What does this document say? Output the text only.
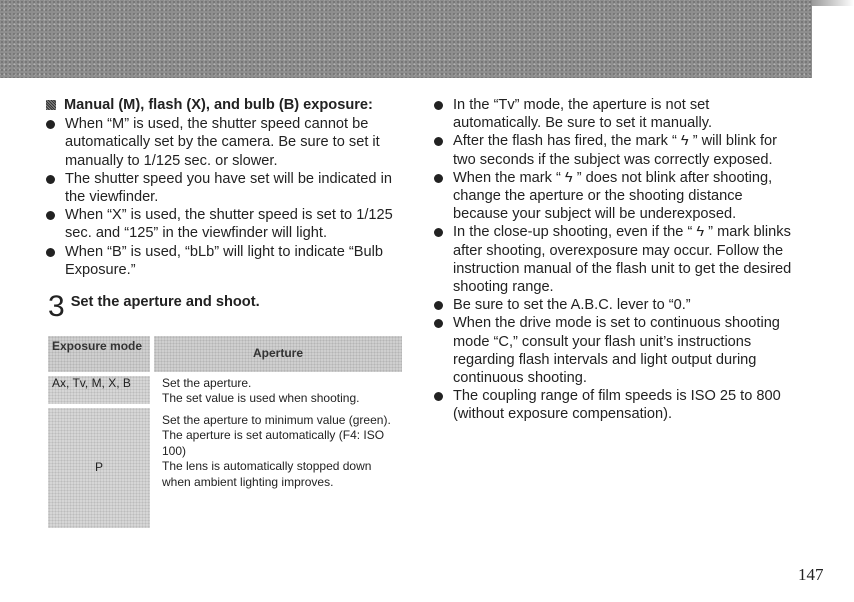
Manual (M), flash (X), and bulb (B) exposure:
When “M” is used, the shutter speed cannot be automatically set by the camera. Be sure to set it manually to 1/125 sec. or slower.
The shutter speed you have set will be indicated in the viewfinder.
When “X” is used, the shutter speed is set to 1/125 sec. and “125” in the viewfinder will light.
When “B” is used, “bLb” will light to indicate “Bulb Exposure.”
3 Set the aperture and shoot.
Exposure mode
Aperture
Ax, Tv, M, X, B	Set the aperture.
The set value is used when shooting.
P
Set the aperture to minimum value (green).
The aperture is set automatically (F4: ISO 100)
The lens is automatically stopped down when ambient lighting improves.
In the “Tv” mode, the aperture is not set automatically. Be sure to set it manually.
After the flash has fired, the mark “ ϟ ” will blink for two seconds if the subject was correctly exposed.
When the mark “ ϟ ” does not blink after shooting, change the aperture or the shooting distance because your subject will be underexposed.
In the close-up shooting, even if the “ ϟ ” mark blinks after shooting, overexposure may occur. Follow the instruction manual of the flash unit to get the desired shooting range.
Be sure to set the A.B.C. lever to “0.”
When the drive mode is set to continuous shooting mode “C,” consult your flash unit’s instructions regarding flash intervals and light output during continuous shooting.
The coupling range of film speeds is ISO 25 to 800 (without exposure compensation).
147
